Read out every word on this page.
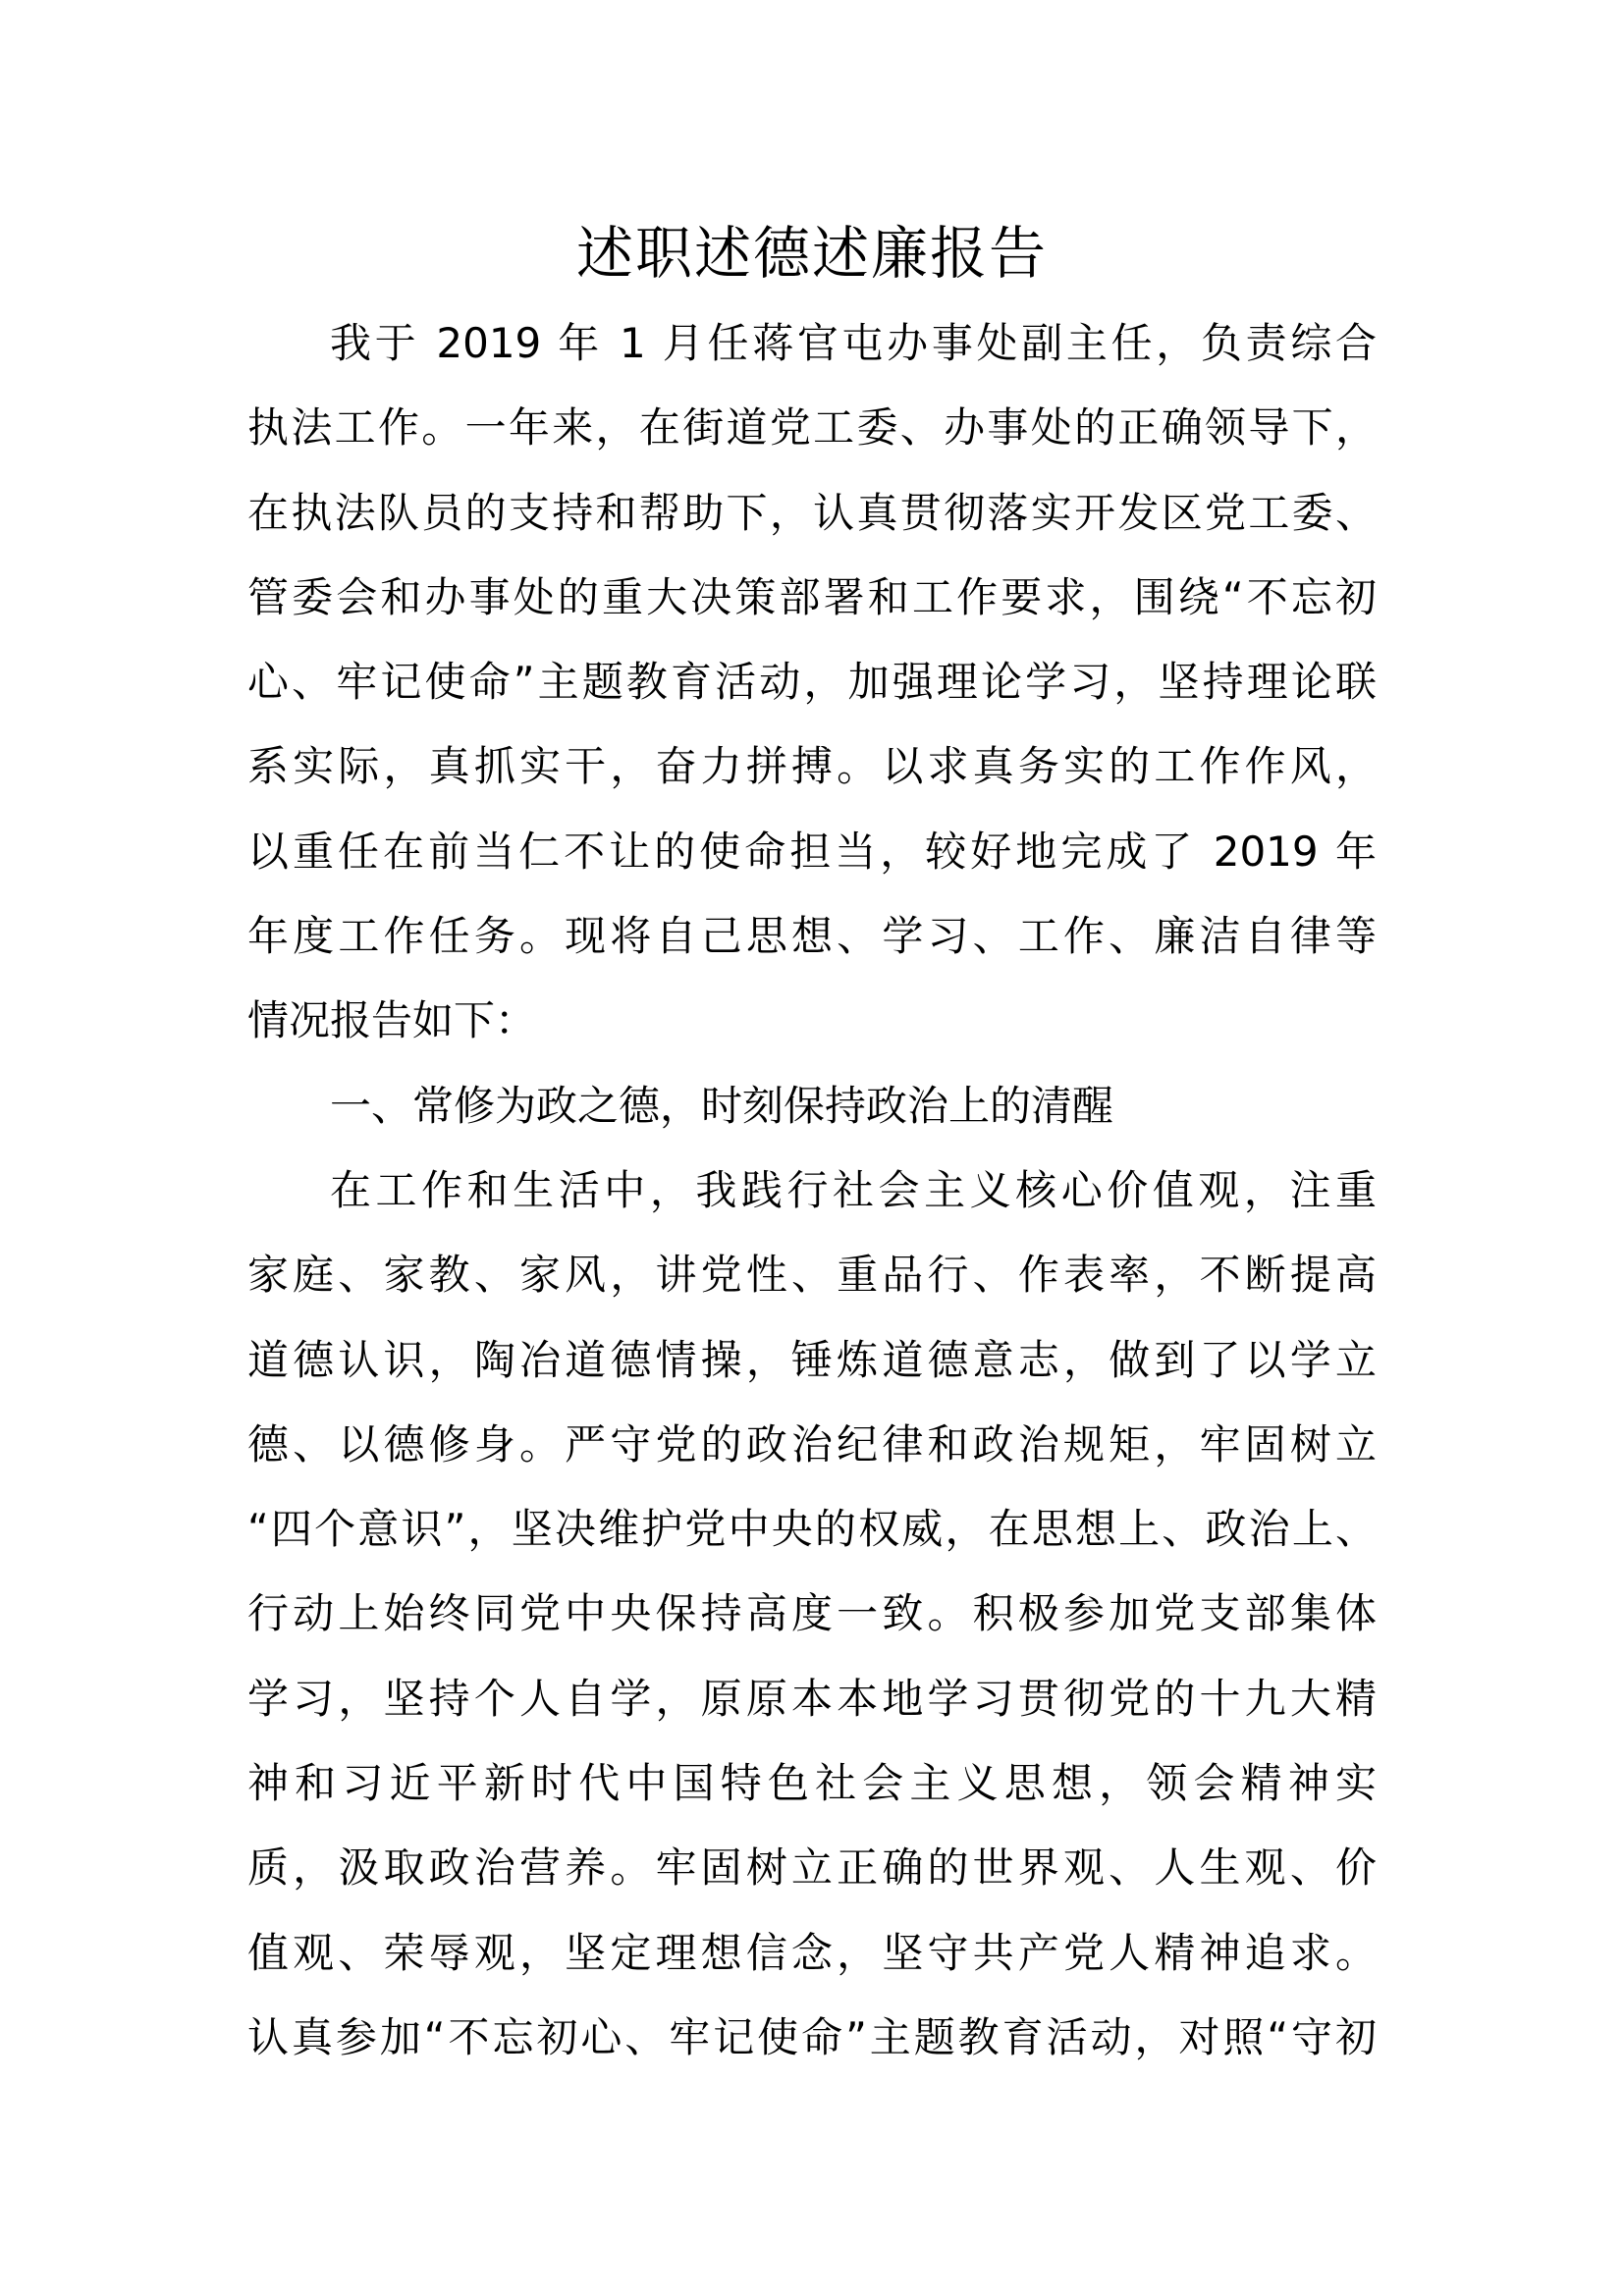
述职述德述廉报告
我于 2019 年 1 月任蒋官屯办事处副主任，负责综合
执法工作。一年来，在街道党工委、办事处的正确领导下，
在执法队员的支持和帮助下，认真贯彻落实开发区党工委、
管委会和办事处的重大决策部署和工作要求，围绕“不忘初
心、牢记使命”主题教育活动，加强理论学习，坚持理论联
系实际，真抓实干，奋力拼搏。以求真务实的工作作风，
以重任在前当仁不让的使命担当，较好地完成了 2019 年
年度工作任务。现将自己思想、学习、工作、廉洁自律等
情况报告如下：
一、常修为政之德，时刻保持政治上的清醒
在工作和生活中，我践行社会主义核心价值观，注重
家庭、家教、家风，讲党性、重品行、作表率，不断提高
道德认识，陶冶道德情操，锤炼道德意志，做到了以学立
德、以德修身。严守党的政治纪律和政治规矩，牢固树立
“四个意识”，坚决维护党中央的权威，在思想上、政治上、
行动上始终同党中央保持高度一致。积极参加党支部集体
学习，坚持个人自学，原原本本地学习贯彻党的十九大精
神和习近平新时代中国特色社会主义思想，领会精神实
质，汲取政治营养。牢固树立正确的世界观、人生观、价
值观、荣辱观，坚定理想信念，坚守共产党人精神追求。
认真参加“不忘初心、牢记使命”主题教育活动，对照“守初
